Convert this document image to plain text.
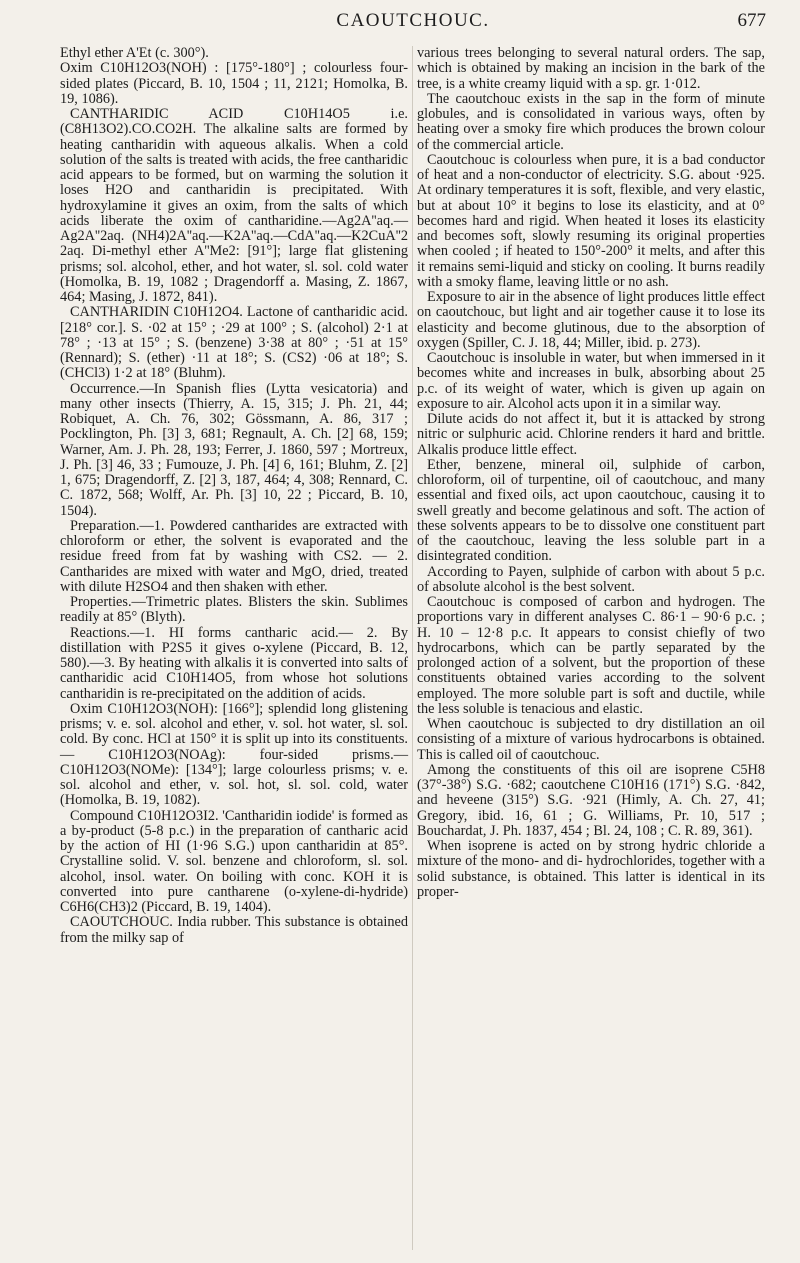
CAOUTCHOUC.	677

Ethyl ether A'Et (c. 300°).

Oxim C10H12O3(NOH) : [175°-180°] ; colourless four-sided plates (Piccard, B. 10, 1504 ; 11, 2121; Homolka, B. 19, 1086).

CANTHARIDIC ACID C10H14O5 i.e. (C8H13O2).CO.CO2H. The alkaline salts are formed by heating cantharidin with aqueous alkalis. When a cold solution of the salts is treated with acids, the free cantharidic acid appears to be formed, but on warming the solution it loses H2O and cantharidin is precipitated. With hydroxylamine it gives an oxim, from the salts of which acids liberate the oxim of cantharidine.—Ag2A''aq.—Ag2A''2aq. (NH4)2A''aq.—K2A''aq.—CdA''aq.—K2CuA''2 2aq. Di-methyl ether A''Me2: [91°]; large flat glistening prisms; sol. alcohol, ether, and hot water, sl. sol. cold water (Homolka, B. 19, 1082 ; Dragendorff a. Masing, Z. 1867, 464; Masing, J. 1872, 841).

CANTHARIDIN C10H12O4. Lactone of cantharidic acid. [218° cor.]. S. ·02 at 15° ; ·29 at 100° ; S. (alcohol) 2·1 at 78° ; ·13 at 15° ; S. (benzene) 3·38 at 80° ; ·51 at 15° (Rennard); S. (ether) ·11 at 18°; S. (CS2) ·06 at 18°; S. (CHCl3) 1·2 at 18° (Bluhm).

Occurrence.—In Spanish flies (Lytta vesicatoria) and many other insects (Thierry, A. 15, 315; J. Ph. 21, 44; Robiquet, A. Ch. 76, 302; Gössmann, A. 86, 317 ; Pocklington, Ph. [3] 3, 681; Regnault, A. Ch. [2] 68, 159; Warner, Am. J. Ph. 28, 193; Ferrer, J. 1860, 597 ; Mortreux, J. Ph. [3] 46, 33 ; Fumouze, J. Ph. [4] 6, 161; Bluhm, Z. [2] 1, 675; Dragendorff, Z. [2] 3, 187, 464; 4, 308; Rennard, C. C. 1872, 568; Wolff, Ar. Ph. [3] 10, 22 ; Piccard, B. 10, 1504).

Preparation.—1. Powdered cantharides are extracted with chloroform or ether, the solvent is evaporated and the residue freed from fat by washing with CS2. — 2. Cantharides are mixed with water and MgO, dried, treated with dilute H2SO4 and then shaken with ether.

Properties.—Trimetric plates. Blisters the skin. Sublimes readily at 85° (Blyth).

Reactions.—1. HI forms cantharic acid.— 2. By distillation with P2S5 it gives o-xylene (Piccard, B. 12, 580).—3. By heating with alkalis it is converted into salts of cantharidic acid C10H14O5, from whose hot solutions cantharidin is re-precipitated on the addition of acids.

Oxim C10H12O3(NOH): [166°]; splendid long glistening prisms; v. e. sol. alcohol and ether, v. sol. hot water, sl. sol. cold. By conc. HCl at 150° it is split up into its constituents. — C10H12O3(NOAg): four-sided prisms.— C10H12O3(NOMe): [134°]; large colourless prisms; v. e. sol. alcohol and ether, v. sol. hot, sl. sol. cold, water (Homolka, B. 19, 1082).

Compound C10H12O3I2. 'Cantharidin iodide' is formed as a by-product (5-8 p.c.) in the preparation of cantharic acid by the action of HI (1·96 S.G.) upon cantharidin at 85°. Crystalline solid. V. sol. benzene and chloroform, sl. sol. alcohol, insol. water. On boiling with conc. KOH it is converted into pure cantharene (o-xylene-di-hydride) C6H6(CH3)2 (Piccard, B. 19, 1404).

CAOUTCHOUC. India rubber. This substance is obtained from the milky sap of

various trees belonging to several natural orders. The sap, which is obtained by making an incision in the bark of the tree, is a white creamy liquid with a sp. gr. 1·012.

The caoutchouc exists in the sap in the form of minute globules, and is consolidated in various ways, often by heating over a smoky fire which produces the brown colour of the commercial article.

Caoutchouc is colourless when pure, it is a bad conductor of heat and a non-conductor of electricity. S.G. about ·925. At ordinary temperatures it is soft, flexible, and very elastic, but at about 10° it begins to lose its elasticity, and at 0° becomes hard and rigid. When heated it loses its elasticity and becomes soft, slowly resuming its original properties when cooled ; if heated to 150°-200° it melts, and after this it remains semi-liquid and sticky on cooling. It burns readily with a smoky flame, leaving little or no ash.

Exposure to air in the absence of light produces little effect on caoutchouc, but light and air together cause it to lose its elasticity and become glutinous, due to the absorption of oxygen (Spiller, C. J. 18, 44; Miller, ibid. p. 273).

Caoutchouc is insoluble in water, but when immersed in it becomes white and increases in bulk, absorbing about 25 p.c. of its weight of water, which is given up again on exposure to air. Alcohol acts upon it in a similar way.

Dilute acids do not affect it, but it is attacked by strong nitric or sulphuric acid. Chlorine renders it hard and brittle. Alkalis produce little effect.

Ether, benzene, mineral oil, sulphide of carbon, chloroform, oil of turpentine, oil of caoutchouc, and many essential and fixed oils, act upon caoutchouc, causing it to swell greatly and become gelatinous and soft. The action of these solvents appears to be to dissolve one constituent part of the caoutchouc, leaving the less soluble part in a disintegrated condition.

According to Payen, sulphide of carbon with about 5 p.c. of absolute alcohol is the best solvent.

Caoutchouc is composed of carbon and hydrogen. The proportions vary in different analyses C. 86·1 – 90·6 p.c. ; H. 10 – 12·8 p.c. It appears to consist chiefly of two hydrocarbons, which can be partly separated by the prolonged action of a solvent, but the proportion of these constituents obtained varies according to the solvent employed. The more soluble part is soft and ductile, while the less soluble is tenacious and elastic.

When caoutchouc is subjected to dry distillation an oil consisting of a mixture of various hydrocarbons is obtained. This is called oil of caoutchouc.

Among the constituents of this oil are isoprene C5H8 (37°-38°) S.G. ·682; caoutchene C10H16 (171°) S.G. ·842, and heveene (315°) S.G. ·921 (Himly, A. Ch. 27, 41; Gregory, ibid. 16, 61 ; G. Williams, Pr. 10, 517 ; Bouchardat, J. Ph. 1837, 454 ; Bl. 24, 108 ; C. R. 89, 361).

When isoprene is acted on by strong hydric chloride a mixture of the mono- and di- hydrochlorides, together with a solid substance, is obtained. This latter is identical in its proper-
